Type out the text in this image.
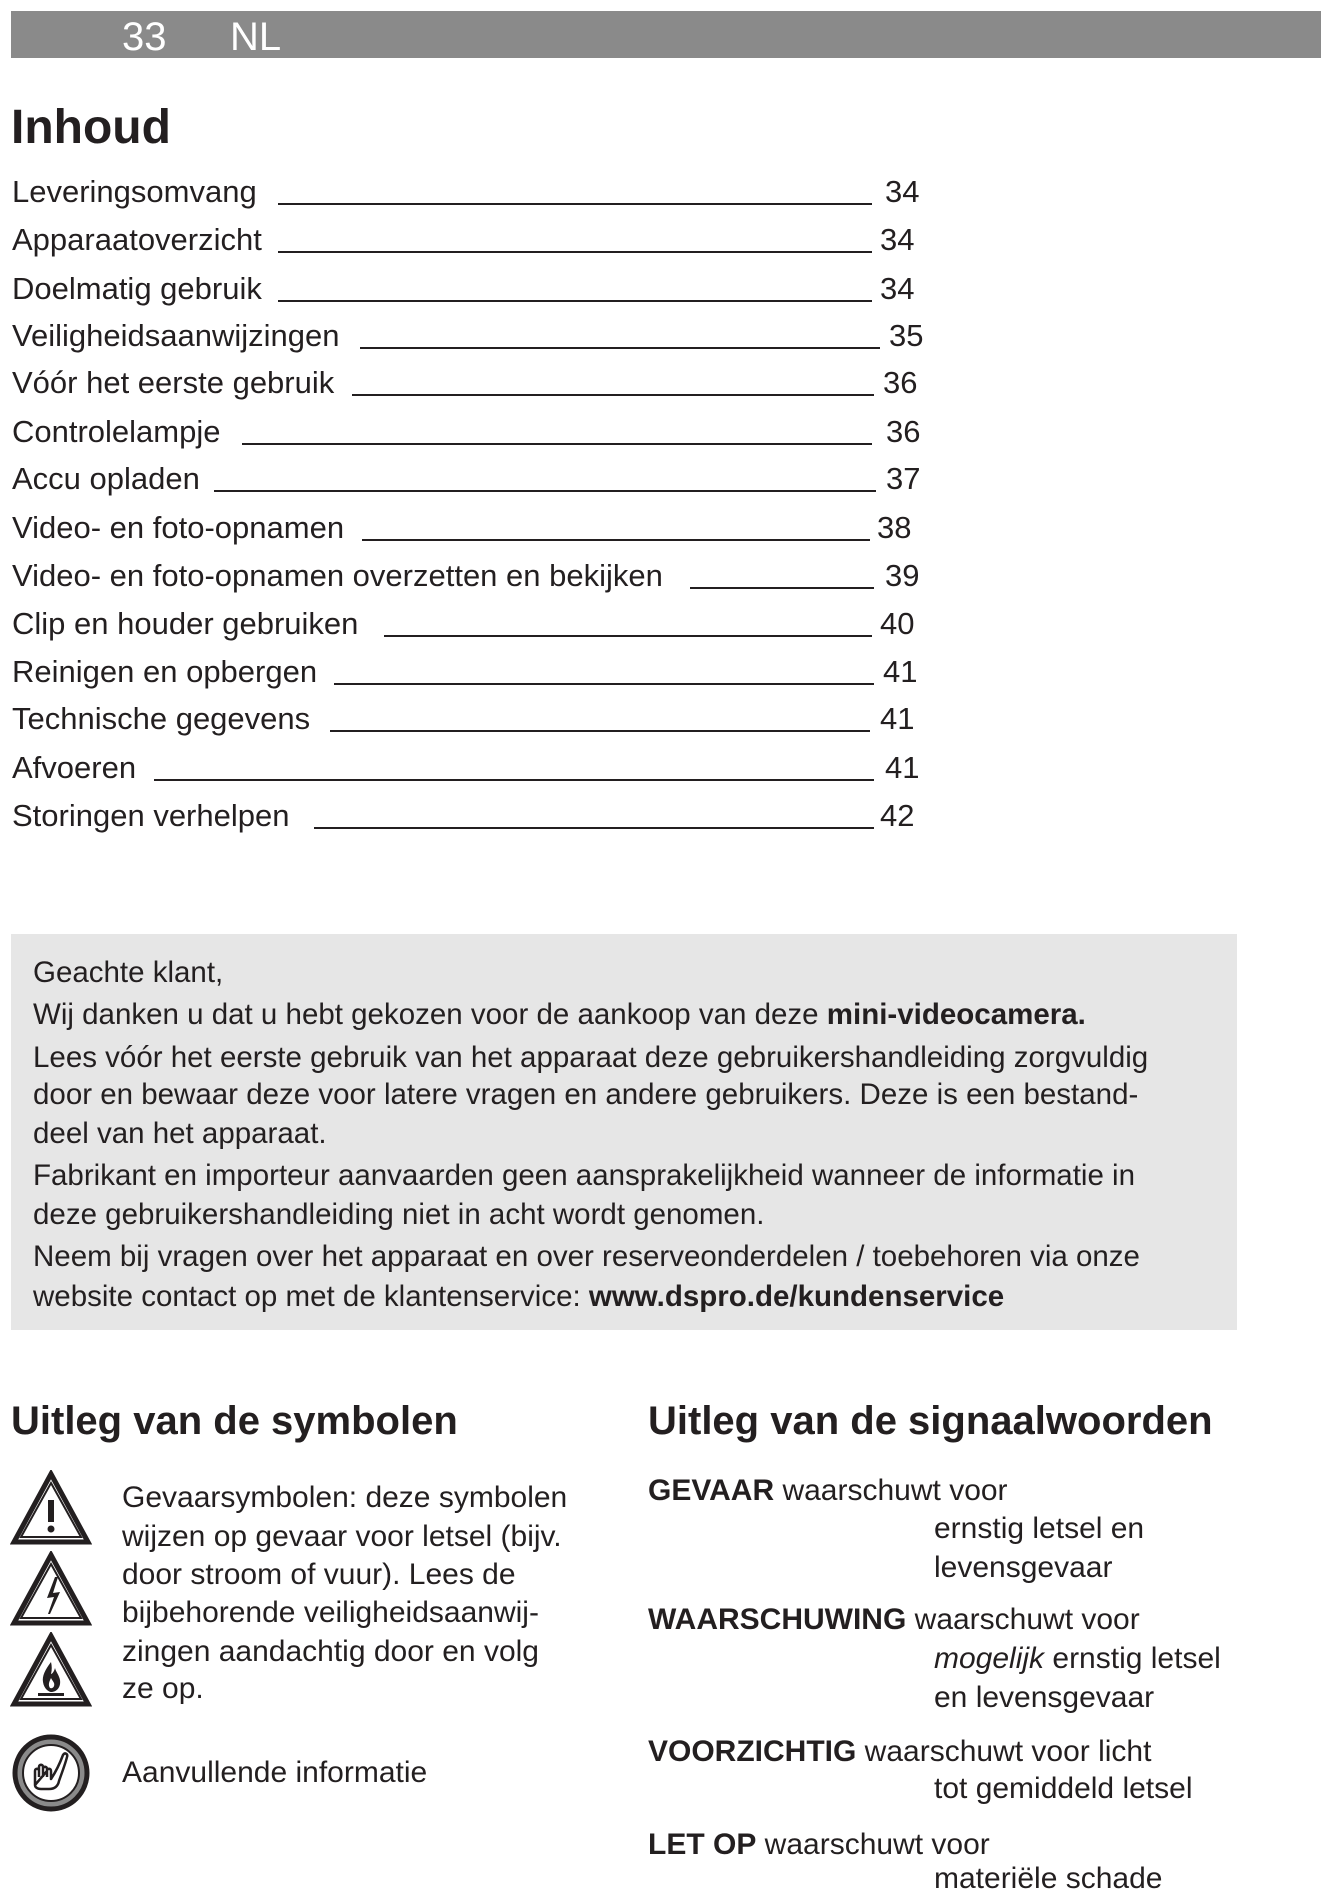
33 NL
Inhoud
Leveringsomvang	34
Apparaatoverzicht	34
Doelmatig gebruik	34
Veiligheidsaanwijzingen	35
Vóór het eerste gebruik	36
Controlelampje	36
Accu opladen	37
Video- en foto-opnamen	38
Video- en foto-opnamen overzetten en bekijken	39
Clip en houder gebruiken	40
Reinigen en opbergen	41
Technische gegevens	41
Afvoeren	41
Storingen verhelpen	42
Geachte klant,
Wij danken u dat u hebt gekozen voor de aankoop van deze mini-videocamera.
Lees vóór het eerste gebruik van het apparaat deze gebruikershandleiding zorgvuldig
door en bewaar deze voor latere vragen en andere gebruikers. Deze is een bestand-
deel van het apparaat.
Fabrikant en importeur aanvaarden geen aansprakelijkheid wanneer de informatie in
deze gebruikershandleiding niet in acht wordt genomen.
Neem bij vragen over het apparaat en over reserveonderdelen / toebehoren via onze
website contact op met de klantenservice: www.dspro.de/kundenservice
Uitleg van de symbolen
Gevaarsymbolen: deze symbolen
wijzen op gevaar voor letsel (bijv.
door stroom of vuur). Lees de
bijbehorende veiligheidsaanwij-
zingen aandachtig door en volg
ze op.
Aanvullende informatie
Uitleg van de signaalwoorden
GEVAAR waarschuwt voor
ernstig letsel en
levensgevaar
WAARSCHUWING waarschuwt voor
mogelijk ernstig letsel
en levensgevaar
VOORZICHTIG waarschuwt voor licht
tot gemiddeld letsel
LET OP waarschuwt voor
materiële schade
